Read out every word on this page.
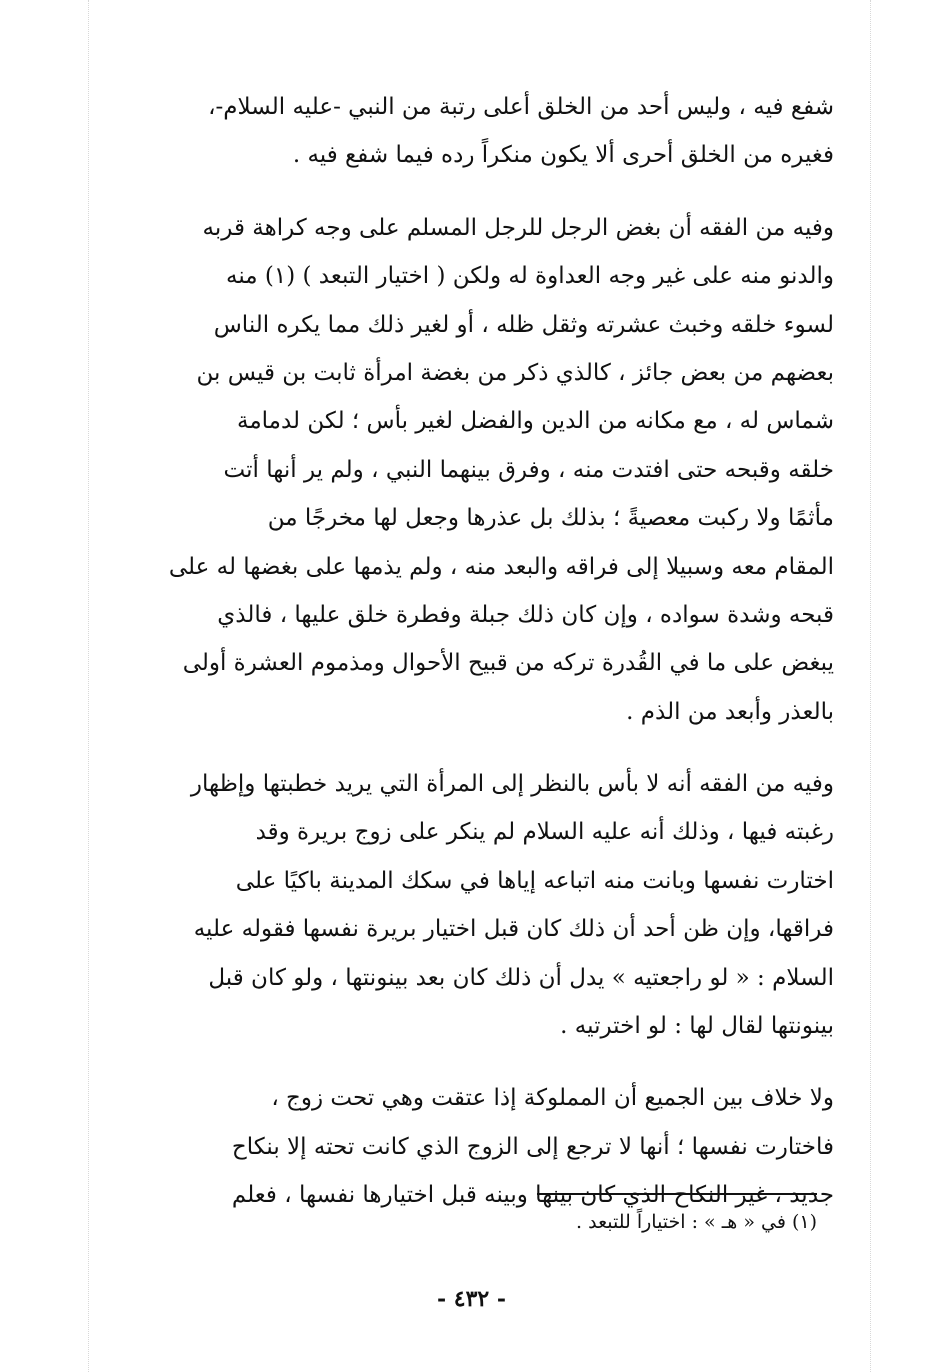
شفع فيه ، وليس أحد من الخلق أعلى رتبة من النبي -عليه السلام-،
فغيره من الخلق أحرى ألا يكون منكراً رده فيما شفع فيه .
وفيه من الفقه أن بغض الرجل للرجل المسلم على وجه كراهة قربه
والدنو منه على غير وجه العداوة له ولكن ( اختيار التبعد ) (١) منه
لسوء خلقه وخبث عشرته وثقل ظله ، أو لغير ذلك مما يكره الناس
بعضهم من بعض جائز ، كالذي ذكر من بغضة امرأة ثابت بن قيس بن
شماس له ، مع مكانه من الدين والفضل لغير بأس ؛ لكن لدمامة
خلقه وقبحه حتى افتدت منه ، وفرق بينهما النبي ، ولم ير أنها أتت
مأثمًا ولا ركبت معصيةً ؛ بذلك بل عذرها وجعل لها مخرجًا من
المقام معه وسبيلا إلى فراقه والبعد منه ، ولم يذمها على بغضها له على
قبحه وشدة سواده ، وإن كان ذلك جبلة وفطرة خلق عليها ، فالذي
يبغض على ما في القُدرة تركه من قبيح الأحوال ومذموم العشرة أولى
بالعذر وأبعد من الذم .
وفيه من الفقه أنه لا بأس بالنظر إلى المرأة التي يريد خطبتها وإظهار
رغبته فيها ، وذلك أنه عليه السلام لم ينكر على زوج بريرة وقد
اختارت نفسها وبانت منه اتباعه إياها في سكك المدينة باكيًا على
فراقها، وإن ظن أحد أن ذلك كان قبل اختيار بريرة نفسها فقوله عليه
السلام : « لو راجعتيه » يدل أن ذلك كان بعد بينونتها ، ولو كان قبل
بينونتها لقال لها : لو اخترتيه .
ولا خلاف بين الجميع أن المملوكة إذا عتقت وهي تحت زوج ،
فاختارت نفسها ؛ أنها لا ترجع إلى الزوج الذي كانت تحته إلا بنكاح
جديد ، غير النكاح الذي كان بينها وبينه قبل اختيارها نفسها ، فعلم
(١) في « هـ » : اختياراً للتبعد .
- ٤٣٢ -
